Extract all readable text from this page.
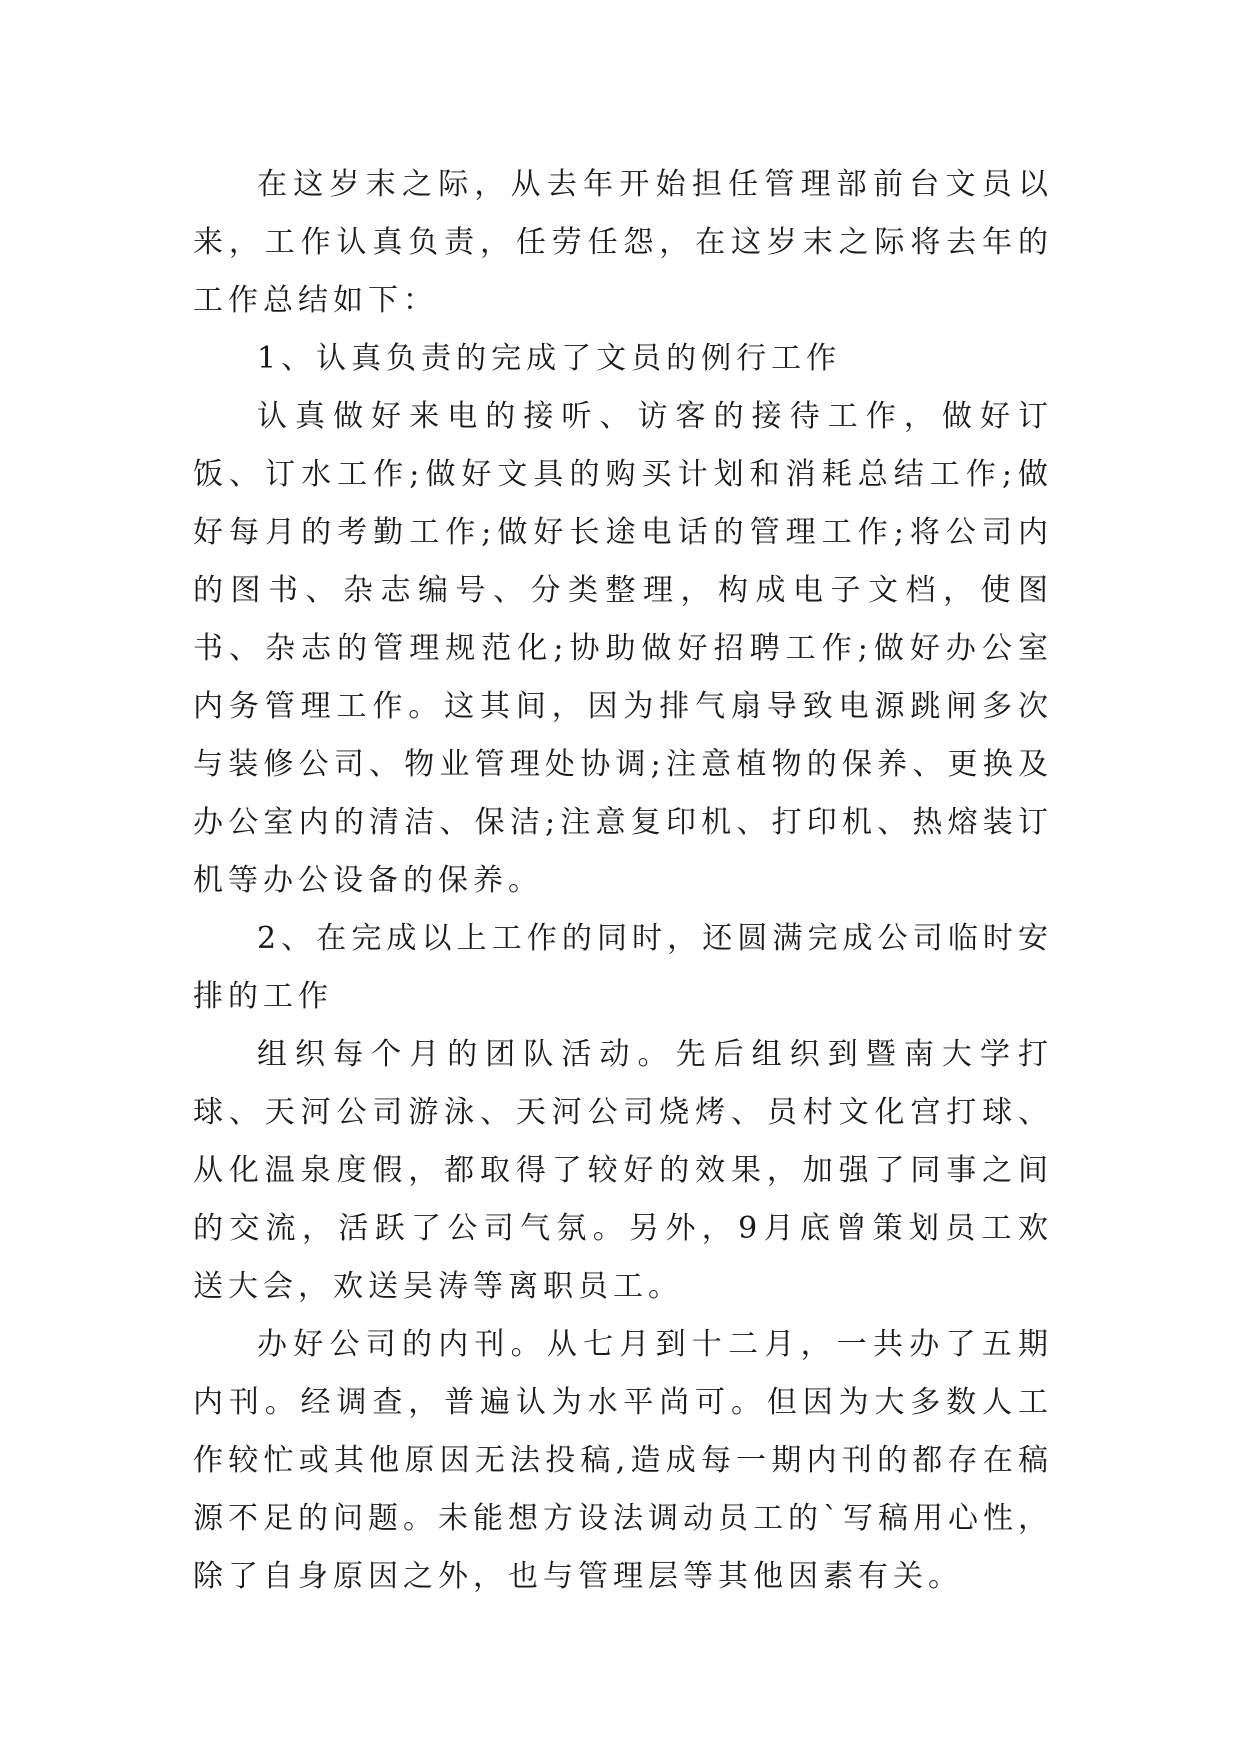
在这岁末之际，从去年开始担任管理部前台文员以来，工作认真负责，任劳任怨，在这岁末之际将去年的工作总结如下：

1、认真负责的完成了文员的例行工作

认真做好来电的接听、访客的接待工作，做好订饭、订水工作;做好文具的购买计划和消耗总结工作;做好每月的考勤工作;做好长途电话的管理工作;将公司内的图书、杂志编号、分类整理，构成电子文档，使图书、杂志的管理规范化;协助做好招聘工作;做好办公室内务管理工作。这其间，因为排气扇导致电源跳闸多次与装修公司、物业管理处协调;注意植物的保养、更换及办公室内的清洁、保洁;注意复印机、打印机、热熔装订机等办公设备的保养。

2、在完成以上工作的同时，还圆满完成公司临时安排的工作

组织每个月的团队活动。先后组织到暨南大学打球、天河公司游泳、天河公司烧烤、员村文化宫打球、从化温泉度假，都取得了较好的效果，加强了同事之间的交流，活跃了公司气氛。另外，9月底曾策划员工欢送大会，欢送吴涛等离职员工。

办好公司的内刊。从七月到十二月，一共办了五期内刊。经调查，普遍认为水平尚可。但因为大多数人工作较忙或其他原因无法投稿,造成每一期内刊的都存在稿源不足的问题。未能想方设法调动员工的`写稿用心性，除了自身原因之外，也与管理层等其他因素有关。
